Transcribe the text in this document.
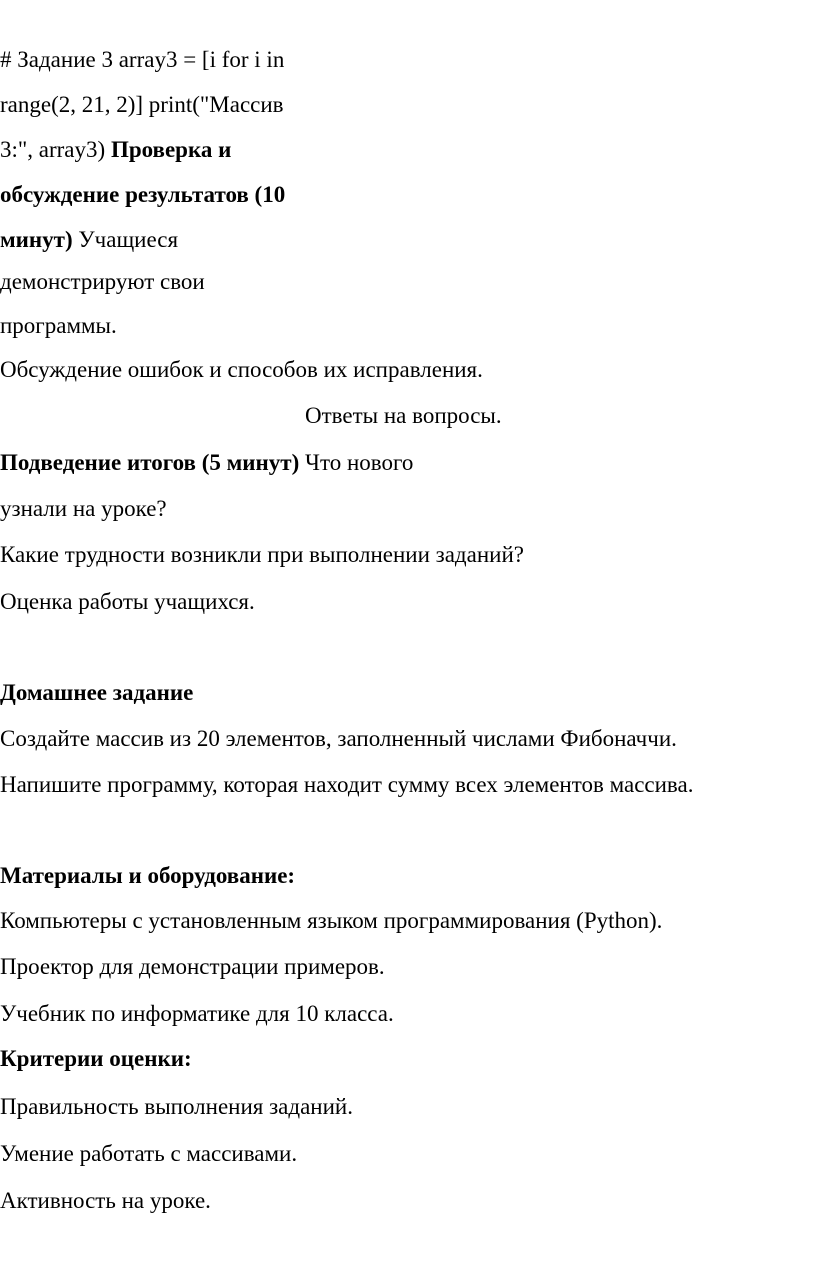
# Задание 3 array3 = [i for i in
range(2, 21, 2)] print("Массив
3:", array3) Проверка и
обсуждение результатов (10
минут) Учащиеся
демонстрируют свои
программы.
Обсуждение ошибок и способов их исправления.
Ответы на вопросы.
Подведение итогов (5 минут) Что нового
узнали на уроке?
Какие трудности возникли при выполнении заданий?
Оценка работы учащихся.
Домашнее задание
Создайте массив из 20 элементов, заполненный числами Фибоначчи.
Напишите программу, которая находит сумму всех элементов массива.
Материалы и оборудование:
Компьютеры с установленным языком программирования (Python).
Проектор для демонстрации примеров.
Учебник по информатике для 10 класса.
Критерии оценки:
Правильность выполнения заданий.
Умение работать с массивами.
Активность на уроке.
